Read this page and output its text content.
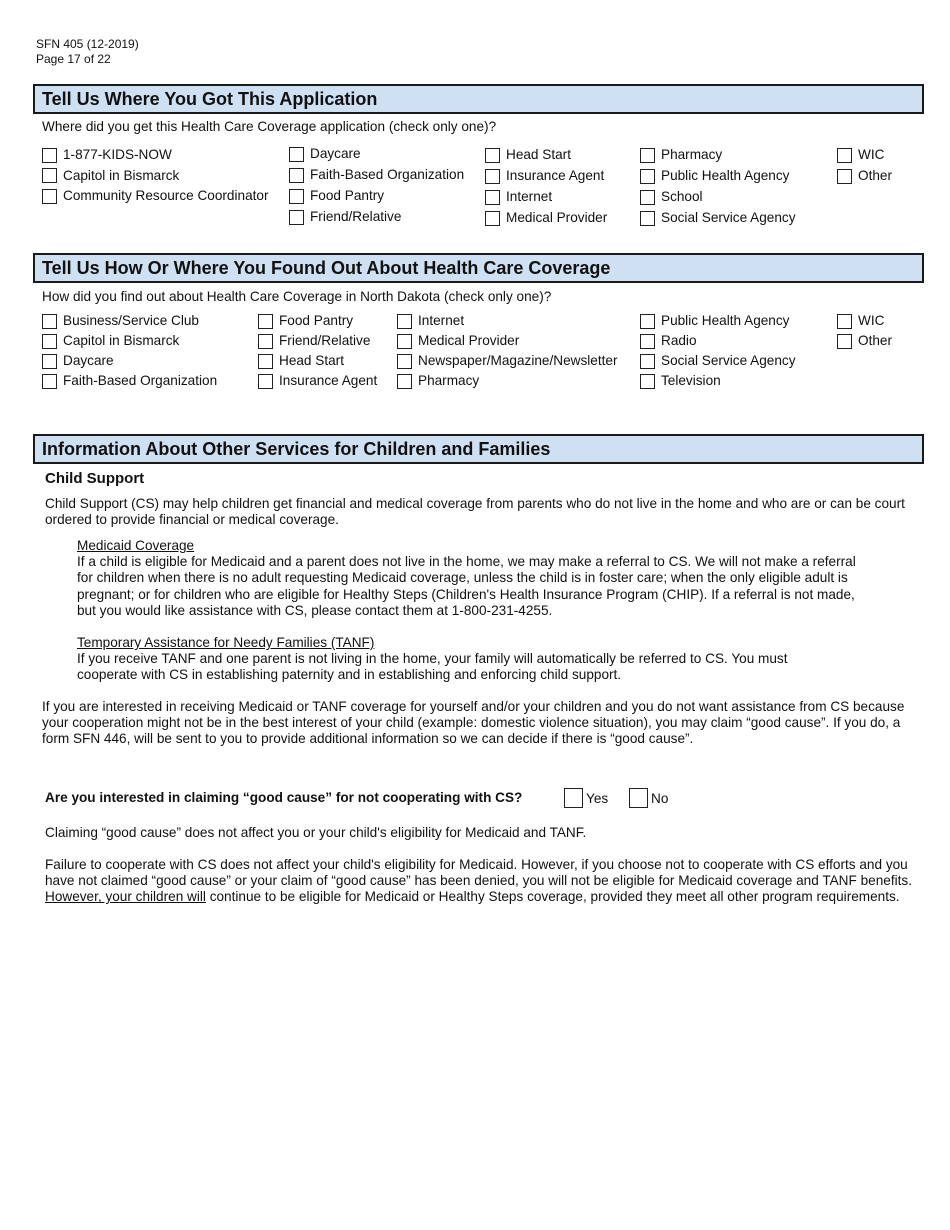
SFN 405 (12-2019)
Page 17 of 22
Tell Us Where You Got This Application
Where did you get this Health Care Coverage application (check only one)?
1-877-KIDS-NOW
Capitol in Bismarck
Community Resource Coordinator
Daycare
Faith-Based Organization
Food Pantry
Friend/Relative
Head Start
Insurance Agent
Internet
Medical Provider
Pharmacy
Public Health Agency
School
Social Service Agency
WIC
Other
Tell Us How Or Where You Found Out About Health Care Coverage
How did you find out about Health Care Coverage in North Dakota (check only one)?
Business/Service Club
Capitol in Bismarck
Daycare
Faith-Based Organization
Food Pantry
Friend/Relative
Head Start
Insurance Agent
Internet
Medical Provider
Newspaper/Magazine/Newsletter
Pharmacy
Public Health Agency
Radio
Social Service Agency
Television
WIC
Other
Information About Other Services for Children and Families
Child Support
Child Support (CS) may help children get financial and medical coverage from parents who do not live in the home and who are or can be court ordered to provide financial or medical coverage.
Medicaid Coverage
If a child is eligible for Medicaid and a parent does not live in the home, we may make a referral to CS. We will not make a referral for children when there is no adult requesting Medicaid coverage, unless the child is in foster care; when the only eligible adult is pregnant; or for children who are eligible for Healthy Steps (Children's Health Insurance Program (CHIP). If a referral is not made, but you would like assistance with CS, please contact them at 1-800-231-4255.
Temporary Assistance for Needy Families (TANF)
If you receive TANF and one parent is not living in the home, your family will automatically be referred to CS. You must cooperate with CS in establishing paternity and in establishing and enforcing child support.
If you are interested in receiving Medicaid or TANF coverage for yourself and/or your children and you do not want assistance from CS because your cooperation might not be in the best interest of your child (example: domestic violence situation), you may claim “good cause”. If you do, a form SFN 446, will be sent to you to provide additional information so we can decide if there is “good cause”.
Are you interested in claiming “good cause” for not cooperating with CS?	Yes	No
Claiming “good cause” does not affect you or your child's eligibility for Medicaid and TANF.
Failure to cooperate with CS does not affect your child's eligibility for Medicaid. However, if you choose not to cooperate with CS efforts and you have not claimed “good cause” or your claim of “good cause” has been denied, you will not be eligible for Medicaid coverage and TANF benefits. However, your children will continue to be eligible for Medicaid or Healthy Steps coverage, provided they meet all other program requirements.
